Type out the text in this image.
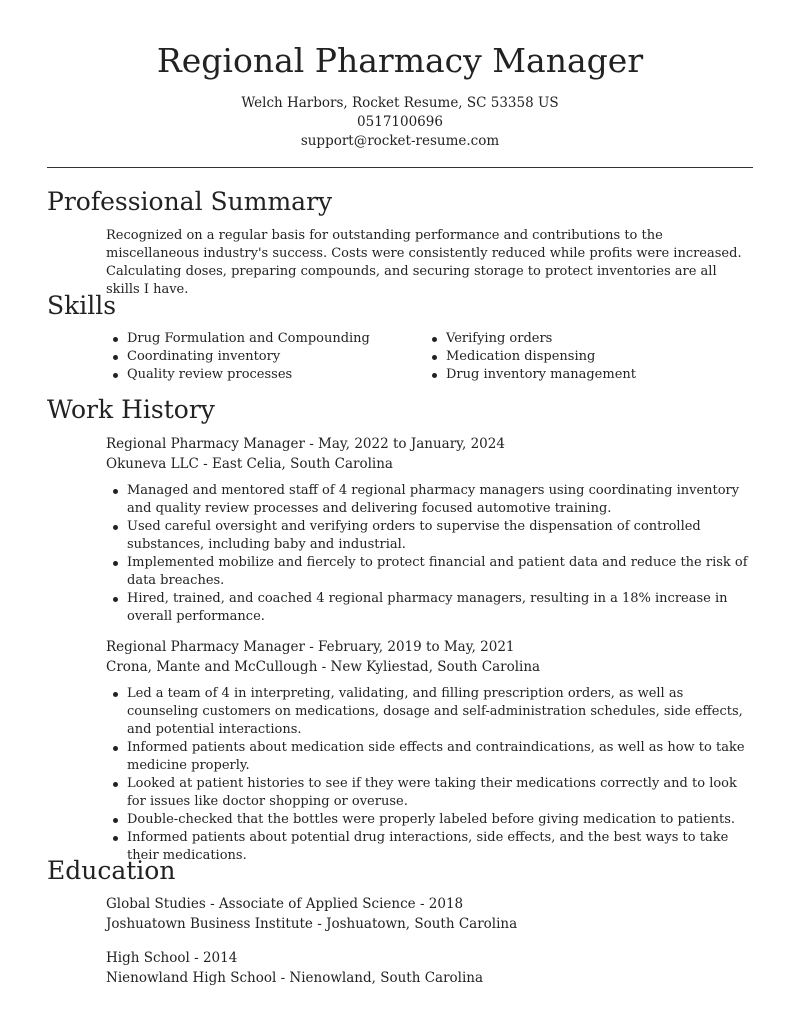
Regional Pharmacy Manager
Welch Harbors, Rocket Resume, SC 53358 US
0517100696
support@rocket-resume.com
Professional Summary
Recognized on a regular basis for outstanding performance and contributions to the miscellaneous industry's success. Costs were consistently reduced while profits were increased. Calculating doses, preparing compounds, and securing storage to protect inventories are all skills I have.
Skills
Drug Formulation and Compounding
Coordinating inventory
Quality review processes
Verifying orders
Medication dispensing
Drug inventory management
Work History
Regional Pharmacy Manager - May, 2022 to January, 2024
Okuneva LLC - East Celia, South Carolina
Managed and mentored staff of 4 regional pharmacy managers using coordinating inventory and quality review processes and delivering focused automotive training.
Used careful oversight and verifying orders to supervise the dispensation of controlled substances, including baby and industrial.
Implemented mobilize and fiercely to protect financial and patient data and reduce the risk of data breaches.
Hired, trained, and coached 4 regional pharmacy managers, resulting in a 18% increase in overall performance.
Regional Pharmacy Manager - February, 2019 to May, 2021
Crona, Mante and McCullough - New Kyliestad, South Carolina
Led a team of 4 in interpreting, validating, and filling prescription orders, as well as counseling customers on medications, dosage and self-administration schedules, side effects, and potential interactions.
Informed patients about medication side effects and contraindications, as well as how to take medicine properly.
Looked at patient histories to see if they were taking their medications correctly and to look for issues like doctor shopping or overuse.
Double-checked that the bottles were properly labeled before giving medication to patients.
Informed patients about potential drug interactions, side effects, and the best ways to take their medications.
Education
Global Studies - Associate of Applied Science - 2018
Joshuatown Business Institute - Joshuatown, South Carolina
High School - 2014
Nienowland High School - Nienowland, South Carolina
